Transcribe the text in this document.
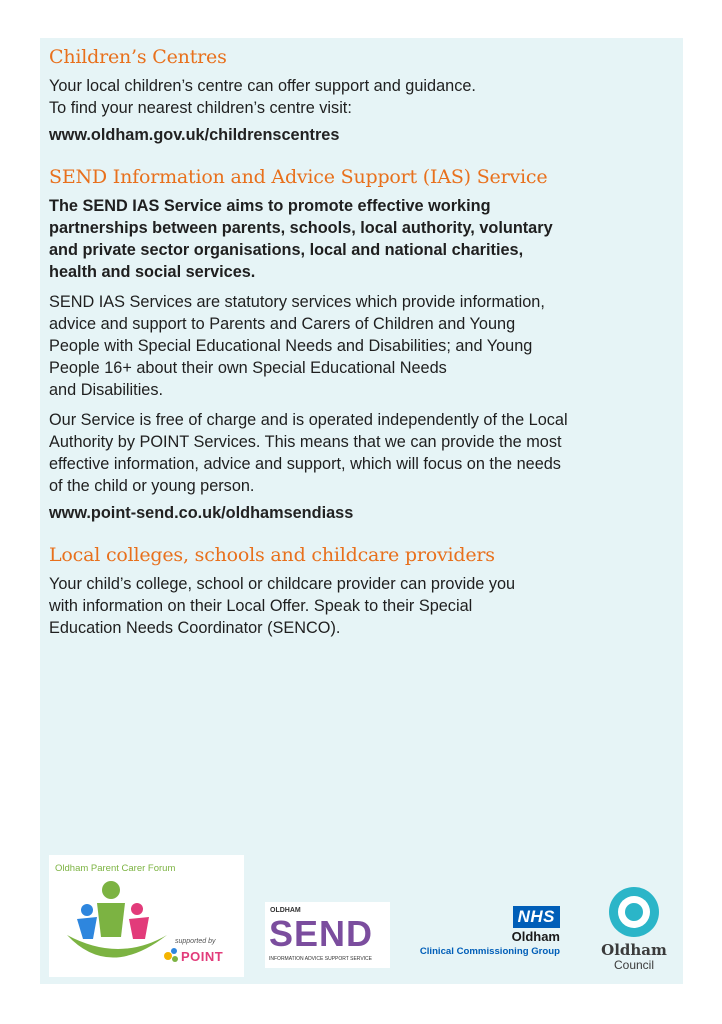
Children’s Centres

Your local children’s centre can offer support and guidance.

To find your nearest children’s centre visit:

www.oldham.gov.uk/childrenscentres

SEND Information and Advice Support (IAS) Service

The SEND IAS Service aims to promote effective working

partnerships between parents, schools, local authority, voluntary

and private sector organisations, local and national charities,

health and social services.

SEND IAS Services are statutory services which provide information,

advice and support to Parents and Carers of Children and Young

People with Special Educational Needs and Disabilities; and Young

People 16+ about their own Special Educational Needs

and Disabilities.

Our Service is free of charge and is operated independently of the Local

Authority by POINT Services. This means that we can provide the most

effective information, advice and support, which will focus on the needs

of the child or young person.

www.point-send.co.uk/oldhamsendiass

Local colleges, schools and childcare providers

Your child’s college, school or childcare provider can provide you

with information on their Local Offer. Speak to their Special

Education Needs Coordinator (SENCO).

Oldham Parent Carer Forum
supported by
POINT
OLDHAM
SEND
INFORMATION ADVICE SUPPORT SERVICE
NHS
Oldham
Clinical Commissioning Group	Oldham
Council
